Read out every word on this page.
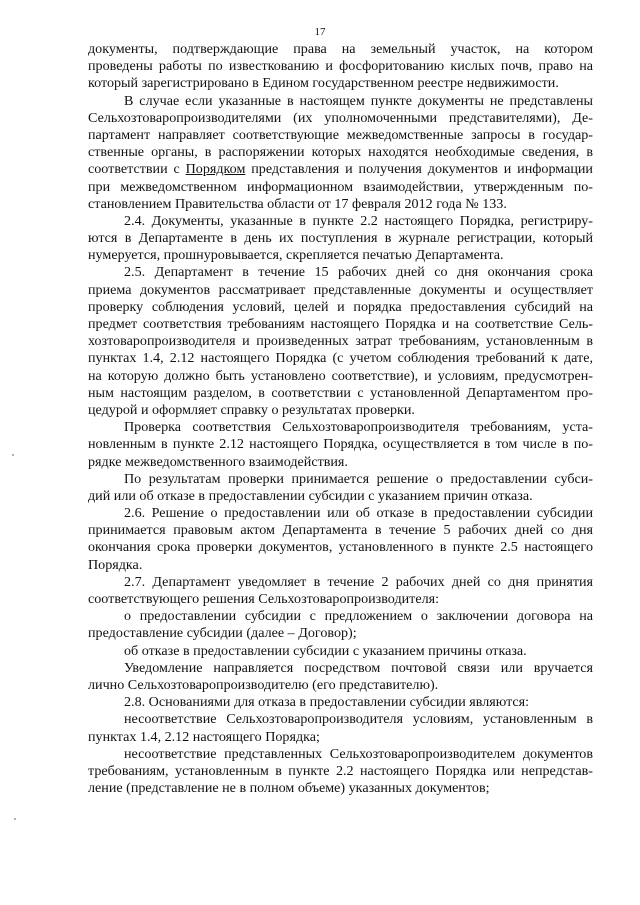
17
документы, подтверждающие права на земельный участок, на котором
проведены работы по известкованию и фосфоритованию кислых почв, право на
который зарегистрировано в Едином государственном реестре недвижимости.
В случае если указанные в настоящем пункте документы не представлены
Сельхозтоваропроизводителями (их уполномоченными представителями), Де-
партамент направляет соответствующие межведомственные запросы в государ-
ственные органы, в распоряжении которых находятся необходимые сведения, в
соответствии с Порядком представления и получения документов и информации
при межведомственном информационном взаимодействии, утвержденным по-
становлением Правительства области от 17 февраля 2012 года № 133.
2.4. Документы, указанные в пункте 2.2 настоящего Порядка, регистриру-
ются в Департаменте в день их поступления в журнале регистрации, который
нумеруется, прошнуровывается, скрепляется печатью Департамента.
2.5. Департамент в течение 15 рабочих дней со дня окончания срока
приема документов рассматривает представленные документы и осуществляет
проверку соблюдения условий, целей и порядка предоставления субсидий на
предмет соответствия требованиям настоящего Порядка и на соответствие Сель-
хозтоваропроизводителя и произведенных затрат требованиям, установленным в
пунктах 1.4, 2.12 настоящего Порядка (с учетом соблюдения требований к дате,
на которую должно быть установлено соответствие), и условиям, предусмотрен-
ным настоящим разделом, в соответствии с установленной Департаментом про-
цедурой и оформляет справку о результатах проверки.
Проверка соответствия Сельхозтоваропроизводителя требованиям, уста-
новленным в пункте 2.12 настоящего Порядка, осуществляется в том числе в по-
рядке межведомственного взаимодействия.
По результатам проверки принимается решение о предоставлении субси-
дий или об отказе в предоставлении субсидии с указанием причин отказа.
2.6. Решение о предоставлении или об отказе в предоставлении субсидии
принимается правовым актом Департамента в течение 5 рабочих дней со дня
окончания срока проверки документов, установленного в пункте 2.5 настоящего
Порядка.
2.7. Департамент уведомляет в течение 2 рабочих дней со дня принятия
соответствующего решения Сельхозтоваропроизводителя:
о предоставлении субсидии с предложением о заключении договора на
предоставление субсидии (далее – Договор);
об отказе в предоставлении субсидии с указанием причины отказа.
Уведомление направляется посредством почтовой связи или вручается
лично Сельхозтоваропроизводителю (его представителю).
2.8. Основаниями для отказа в предоставлении субсидии являются:
несоответствие Сельхозтоваропроизводителя условиям, установленным в
пунктах 1.4, 2.12 настоящего Порядка;
несоответствие представленных Сельхозтоваропроизводителем документов
требованиям, установленным в пункте 2.2 настоящего Порядка или непредстав-
ление (представление не в полном объеме) указанных документов;
